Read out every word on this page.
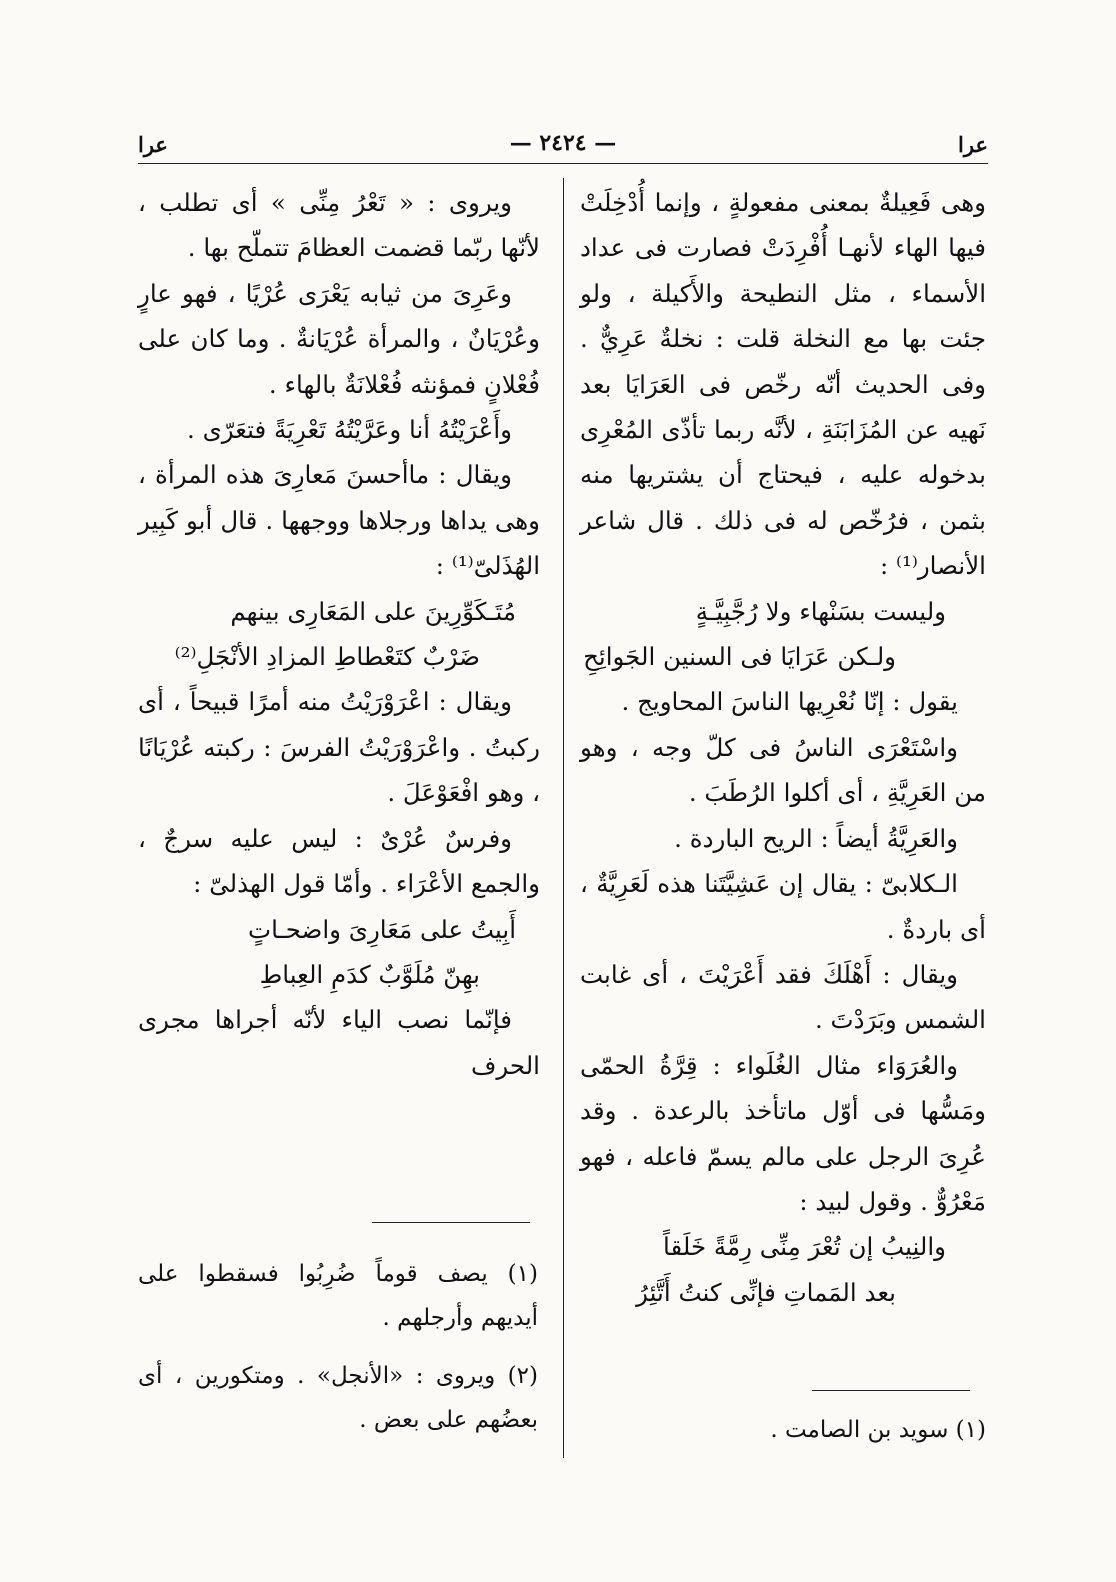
عرا
— ٢٤٢٤ —
عرا

وهى فَعِيلةٌ بمعنى مفعولةٍ ، وإنما أُدْخِلَتْ فيها الهاء لأنهـا أُفْرِدَتْ فصارت فى عداد الأسماء ، مثل النطيحة والأَكيلة ، ولو جئت بها مع النخلة قلت : نخلةٌ عَرِيٌّ . وفى الحديث أنّه رخّص فى العَرَايَا بعد نَهيه عن المُزَابَنَةِ ، لأنَّه ربما تأذّى المُعْرِى بدخوله عليه ، فيحتاج أن يشتريها منه بثمن ، فرُخّص له فى ذلك . قال شاعر الأنصار⁽¹⁾ :

وليست بسَنْهاء ولا رُجَّبِيَّـةٍ

ولـكن عَرَايَا فى السنين الجَوائِحِ

يقول : إنّا نُعْرِيها الناسَ المحاويج .

واسْتَعْرَى الناسُ فى كلّ وجه ، وهو من العَرِيَّةِ ، أى أكلوا الرُطَبَ .

والعَرِيَّةُ أيضاً : الريح الباردة .

الـكلابىّ : يقال إن عَشِيَّتَنا هذه لَعَرِيَّةٌ ، أى باردةٌ .

ويقال : أَهْلَكَ فقد أَعْرَيْتَ ، أى غابت الشمس وبَرَدْتَ .

والعُرَوَاء مثال الغُلَواء : قِرَّةُ الحمّى ومَسُّها فى أوّل ماتأخذ بالرعدة . وقد عُرِىَ الرجل على مالم يسمّ فاعله ، فهو مَعْرُوٌّ . وقول لبيد :

والنِيبُ إن تُعْرَ مِنِّى رِمَّةً خَلَقاً

بعد المَماتِ فإنِّى كنتُ أَتَّئِرُ

ويروى : « تَعْرُ مِنِّى » أى تطلب ، لأنّها ربّما قضمت العظامَ تتملّح بها .

وعَرِىَ من ثيابه يَعْرَى عُرْيًا ، فهو عارٍ وعُرْيَانٌ ، والمرأة عُرْيَانةٌ . وما كان على فُعْلانٍ فمؤنثه فُعْلانَةٌ بالهاء .

وأَعْرَيْتُهُ أنا وعَرَّيْتُهُ تَعْرِيَةً فتعَرّى .

ويقال : ماأحسنَ مَعارِىَ هذه المرأة ، وهى يداها ورجلاها ووجهها . قال أبو كَبِير الهُذَلىّ⁽¹⁾ :

مُتَـكَوِّرِينَ على المَعَارِى بينهم

ضَرْبٌ كتَعْطاطِ المزادِ الأنْجَلِ⁽²⁾

ويقال : اعْرَوْرَيْتُ منه أمرًا قبيحاً ، أى ركبتُ . واعْرَوْرَيْتُ الفرسَ : ركبته عُرْيَانًا ، وهو افْعَوْعَلَ .

وفرسٌ عُرْىٌ : ليس عليه سرجٌ ، والجمع الأعْرَاء . وأمّا قول الهذلىّ :

أَبِيتُ على مَعَارِىَ واضحـاتٍ

بهِنّ مُلَوَّبٌ كدَمِ العِباطِ

فإنّما نصب الياء لأنّه أجراها مجرى الحرف

(١) يصف قوماً ضُرِبُوا فسقطوا على أيديهم وأرجلهم .

(٢) ويروى : «الأنجل» . ومتكورين ، أى بعضُهم على بعض .	(١) سويد بن الصامت .
